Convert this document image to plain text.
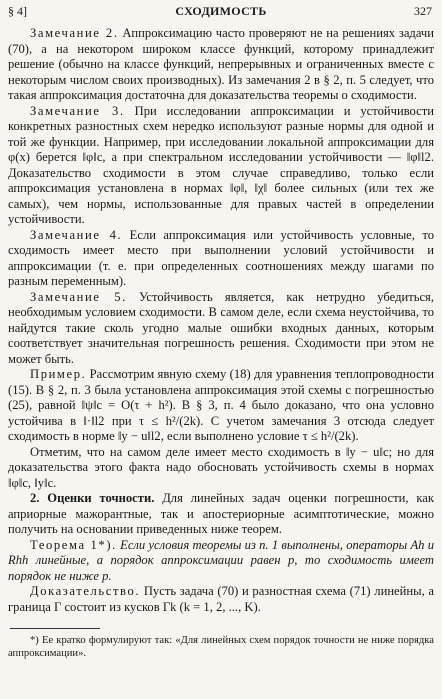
§ 4]	СХОДИМОСТЬ	327

Замечание 2. Аппроксимацию часто проверяют не на решениях задачи (70), а на некотором широком классе функций, которому принадлежит решение (обычно на классе функций, непрерывных и ограниченных вместе с некоторым числом своих производных). Из замечания 2 в § 2, п. 5 следует, что такая аппроксимация достаточна для доказательства теоремы о сходимости.

Замечание 3. При исследовании аппроксимации и устойчивости конкретных разностных схем нередко используют разные нормы для одной и той же функции. Например, при исследовании локальной аппроксимации для φ(x) берется ‖φ‖c, а при спектральном исследовании устойчивости — ‖φ‖l2. Доказательство сходимости в этом случае справедливо, только если аппроксимация установлена в нормах ‖φ‖, ‖χ‖ более сильных (или тех же самых), чем нормы, использованные для правых частей в определении устойчивости.

Замечание 4. Если аппроксимация или устойчивость условные, то сходимость имеет место при выполнении условий устойчивости и аппроксимации (т. е. при определенных соотношениях между шагами по разным переменным).

Замечание 5. Устойчивость является, как нетрудно убедиться, необходимым условием сходимости. В самом деле, если схема неустойчива, то найдутся такие сколь угодно малые ошибки входных данных, которым соответствует значительная погрешность решения. Сходимости при этом не может быть.

Пример. Рассмотрим явную схему (18) для уравнения теплопроводности (15). В § 2, п. 3 была установлена аппроксимация этой схемы с погрешностью (25), равной ‖ψ‖c = O(τ + h²). В § 3, п. 4 было доказано, что она условно устойчива в ‖·‖l2 при τ ≤ h²/(2k). С учетом замечания 3 отсюда следует сходимость в норме ‖y − u‖l2, если выполнено условие τ ≤ h²/(2k).

Отметим, что на самом деле имеет место сходимость в ‖y − u‖c; но для доказательства этого факта надо обосновать устойчивость схемы в нормах ‖φ‖c, ‖y‖c.

2. Оценки точности. Для линейных задач оценки погрешности, как априорные мажорантные, так и апостериорные асимптотические, можно получить на основании приведенных ниже теорем.

Теорема 1*). Если условия теоремы из п. 1 выполнены, операторы Ah и Rhh линейные, а порядок аппроксимации равен p, то сходимость имеет порядок не ниже p.

Доказательство. Пусть задача (70) и разностная схема (71) линейны, а граница Γ состоит из кусков Γk (k = 1, 2, ..., K).

*) Ее кратко формулируют так: «Для линейных схем порядок точности не ниже порядка аппроксимации».
